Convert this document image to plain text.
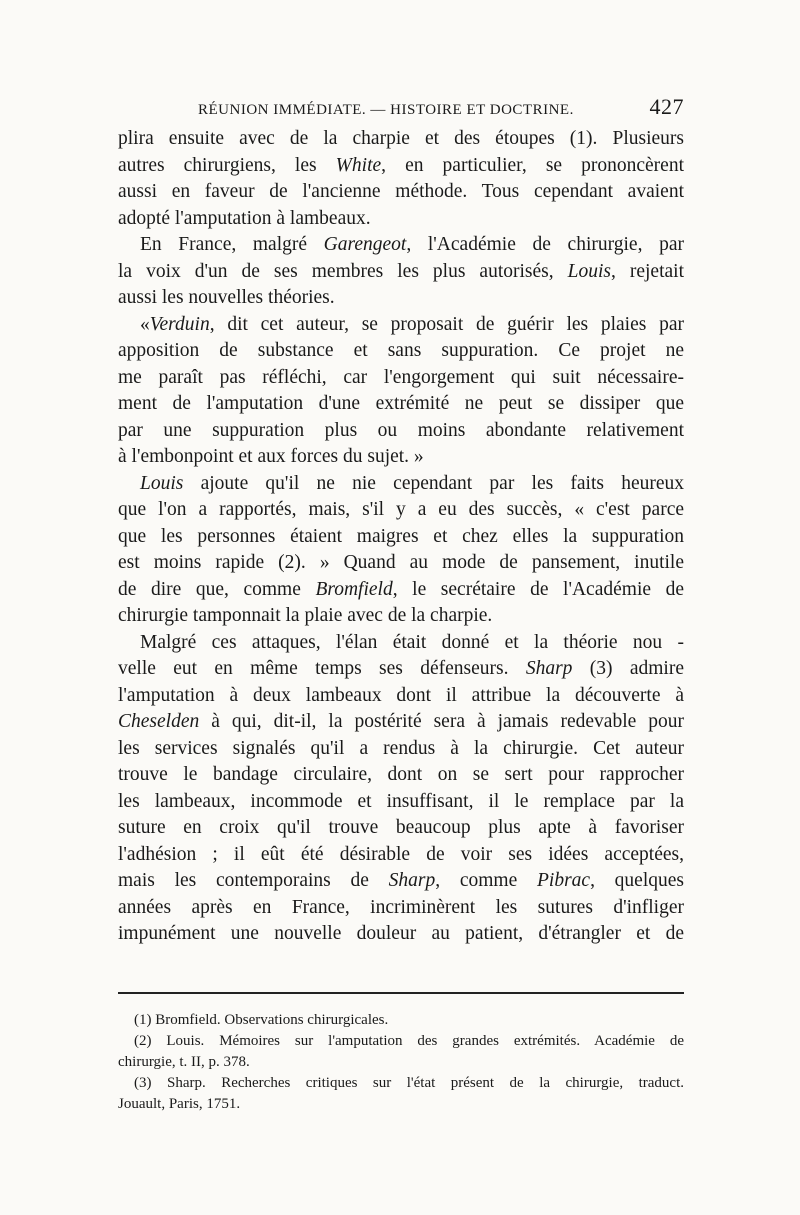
RÉUNION IMMÉDIATE. — HISTOIRE ET DOCTRINE.	427
plira ensuite avec de la charpie et des étoupes (1). Plusieurs
autres chirurgiens, les White, en particulier, se prononcèrent
aussi en faveur de l'ancienne méthode. Tous cependant avaient
adopté l'amputation à lambeaux.
En France, malgré Garengeot, l'Académie de chirurgie, par
la voix d'un de ses membres les plus autorisés, Louis, rejetait
aussi les nouvelles théories.
«Verduin, dit cet auteur, se proposait de guérir les plaies par
apposition de substance et sans suppuration. Ce projet ne
me paraît pas réfléchi, car l'engorgement qui suit nécessaire-
ment de l'amputation d'une extrémité ne peut se dissiper que
par une suppuration plus ou moins abondante relativement
à l'embonpoint et aux forces du sujet. »
Louis ajoute qu'il ne nie cependant par les faits heureux
que l'on a rapportés, mais, s'il y a eu des succès, « c'est parce
que les personnes étaient maigres et chez elles la suppuration
est moins rapide (2). » Quand au mode de pansement, inutile
de dire que, comme Bromfield, le secrétaire de l'Académie de
chirurgie tamponnait la plaie avec de la charpie.
Malgré ces attaques, l'élan était donné et la théorie nou -
velle eut en même temps ses défenseurs. Sharp (3) admire
l'amputation à deux lambeaux dont il attribue la découverte à
Cheselden à qui, dit-il, la postérité sera à jamais redevable pour
les services signalés qu'il a rendus à la chirurgie. Cet auteur
trouve le bandage circulaire, dont on se sert pour rapprocher
les lambeaux, incommode et insuffisant, il le remplace par la
suture en croix qu'il trouve beaucoup plus apte à favoriser
l'adhésion ; il eût été désirable de voir ses idées acceptées,
mais les contemporains de Sharp, comme Pibrac, quelques
années après en France, incriminèrent les sutures d'infliger
impunément une nouvelle douleur au patient, d'étrangler et de
(1) Bromfield. Observations chirurgicales.
(2) Louis. Mémoires sur l'amputation des grandes extrémités. Académie de
chirurgie, t. II, p. 378.
(3) Sharp. Recherches critiques sur l'état présent de la chirurgie, traduct.
Jouault, Paris, 1751.
